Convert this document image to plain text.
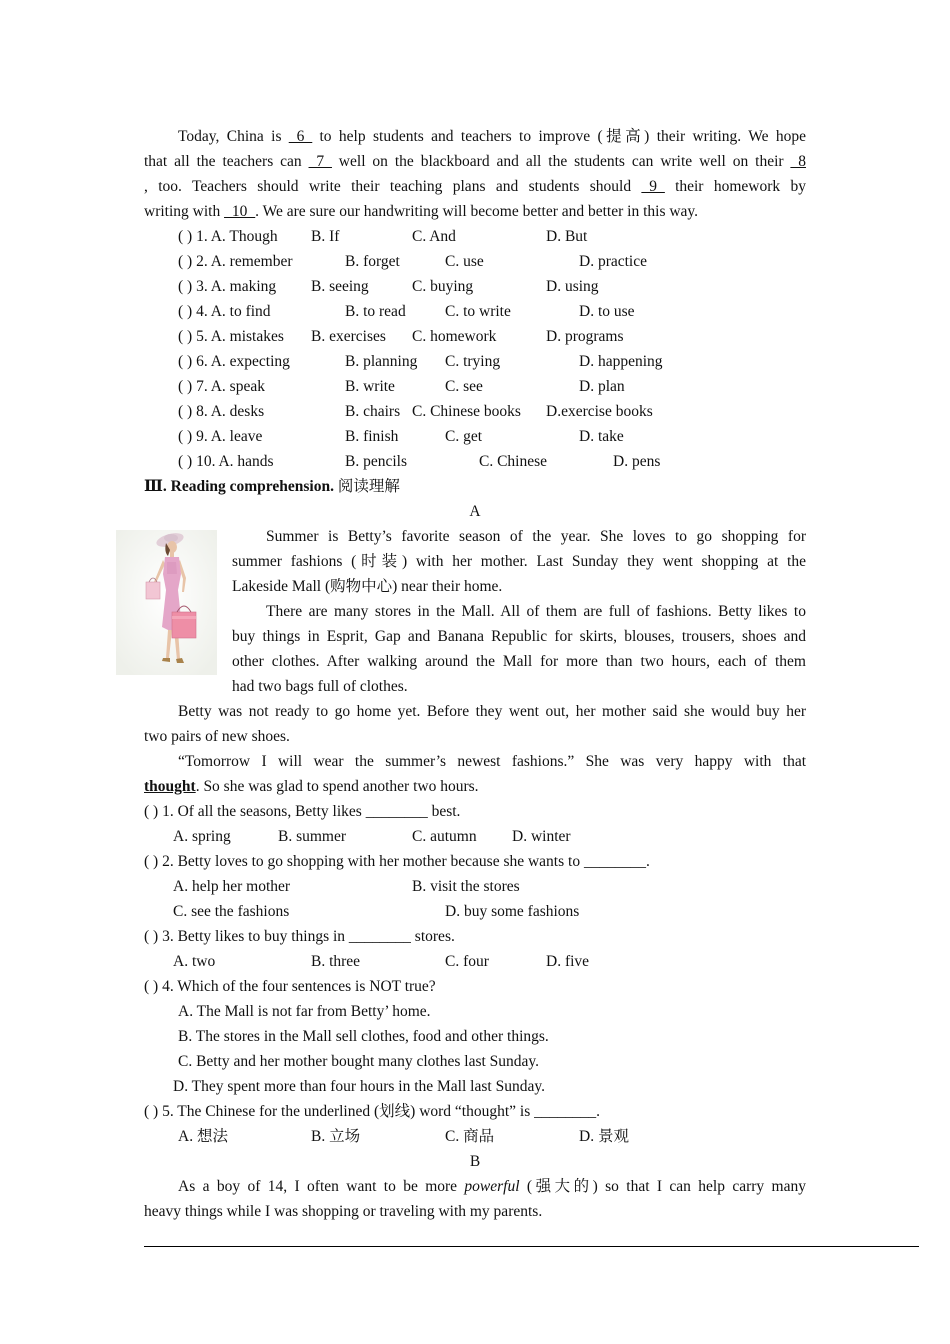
Today, China is _6_ to help students and teachers to improve (提高) their writing. We hope
that all the teachers can _7_ well on the blackboard and all the students can write well on their _8
, too. Teachers should write their teaching plans and students should _9_ their homework by
writing with _10_. We are sure our handwriting will become better and better in this way.
( ) 1. A. Though B. If	C. And	D. But
( ) 2. A. remember	B. forget	C. use	D. practice
( ) 3. A. making B. seeing	C. buying	D. using
( ) 4. A. to find	B. to read	C. to write	D. to use
( ) 5. A. mistakes B. exercises C. homework	D. programs
( ) 6. A. expecting	B. planning C. trying	D. happening
( ) 7. A. speak	B. write	C. see	D. plan
( ) 8. A. desks	B. chairs C. Chinese books D.exercise books
( ) 9. A. leave	B. finish	C. get	D. take
( ) 10. A. hands	B. pencils	C. Chinese	D. pens
Ⅲ. Reading comprehension. 阅读理解
A
Summer is Betty’s favorite season of the year. She loves to go shopping for
summer fashions (时装) with her mother. Last Sunday they went shopping at the
Lakeside Mall (购物中心) near their home.
There are many stores in the Mall. All of them are full of fashions. Betty likes to
buy things in Esprit, Gap and Banana Republic for skirts, blouses, trousers, shoes and
other clothes. After walking around the Mall for more than two hours, each of them
had two bags full of clothes.
Betty was not ready to go home yet. Before they went out, her mother said she would buy her
two pairs of new shoes.
“Tomorrow I will wear the summer’s newest fashions.” She was very happy with that
thought. So she was glad to spend another two hours.
( ) 1. Of all the seasons, Betty likes ________ best.
A. spring	B. summer	C. autumn D. winter
( ) 2. Betty loves to go shopping with her mother because she wants to ________.
A. help her mother	B. visit the stores
C. see the fashions	D. buy some fashions
( ) 3. Betty likes to buy things in ________ stores.
A. two	B. three	C. four	D. five
( ) 4. Which of the four sentences is NOT true?
A. The Mall is not far from Betty’ home.
B. The stores in the Mall sell clothes, food and other things.
C. Betty and her mother bought many clothes last Sunday.
D. They spent more than four hours in the Mall last Sunday.
( ) 5. The Chinese for the underlined (划线) word “thought” is ________.
A. 想法	B. 立场	C. 商品	D. 景观
B
As a boy of 14, I often want to be more powerful (强大的) so that I can help carry many
heavy things while I was shopping or traveling with my parents.
